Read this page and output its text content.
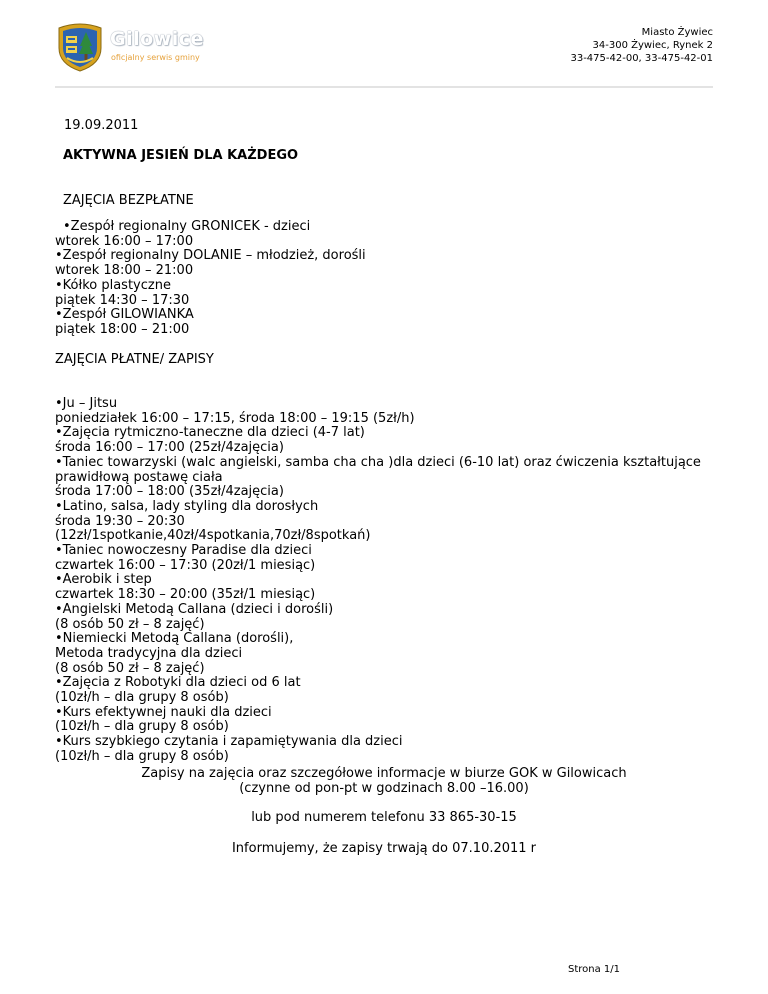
Gilowice
oficjalny serwis gminy
Miasto Żywiec
34-300 Żywiec, Rynek 2
33-475-42-00, 33-475-42-01
19.09.2011
AKTYWNA JESIEŃ DLA KAŻDEGO
ZAJĘCIA BEZPŁATNE
•Zespół regionalny GRONICEK - dzieci
wtorek 16:00 – 17:00
•Zespół regionalny DOLANIE – młodzież, dorośli
wtorek 18:00 – 21:00
•Kółko plastyczne
piątek 14:30 – 17:30
•Zespół GILOWIANKA
piątek 18:00 – 21:00
ZAJĘCIA PŁATNE/ ZAPISY
•Ju – Jitsu
poniedziałek 16:00 – 17:15, środa 18:00 – 19:15 (5zł/h)
•Zajęcia rytmiczno-taneczne dla dzieci (4-7 lat)
środa 16:00 – 17:00 (25zł/4zajęcia)
•Taniec towarzyski (walc angielski, samba cha cha )dla dzieci (6-10 lat) oraz ćwiczenia kształtujące
prawidłową postawę ciała
środa 17:00 – 18:00 (35zł/4zajęcia)
•Latino, salsa, lady styling dla dorosłych
środa 19:30 – 20:30
(12zł/1spotkanie,40zł/4spotkania,70zł/8spotkań)
•Taniec nowoczesny Paradise dla dzieci
czwartek 16:00 – 17:30 (20zł/1 miesiąc)
•Aerobik i step
czwartek 18:30 – 20:00 (35zł/1 miesiąc)
•Angielski Metodą Callana (dzieci i dorośli)
(8 osób 50 zł – 8 zajęć)
•Niemiecki Metodą Callana (dorośli),
Metoda tradycyjna dla dzieci
(8 osób 50 zł – 8 zajęć)
•Zajęcia z Robotyki dla dzieci od 6 lat
(10zł/h – dla grupy 8 osób)
•Kurs efektywnej nauki dla dzieci
(10zł/h – dla grupy 8 osób)
•Kurs szybkiego czytania i zapamiętywania dla dzieci
(10zł/h – dla grupy 8 osób)
Zapisy na zajęcia oraz szczegółowe informacje w biurze GOK w Gilowicach
(czynne od pon-pt w godzinach 8.00 –16.00)
lub pod numerem telefonu 33 865-30-15
Informujemy, że zapisy trwają do 07.10.2011 r
Strona 1/1
